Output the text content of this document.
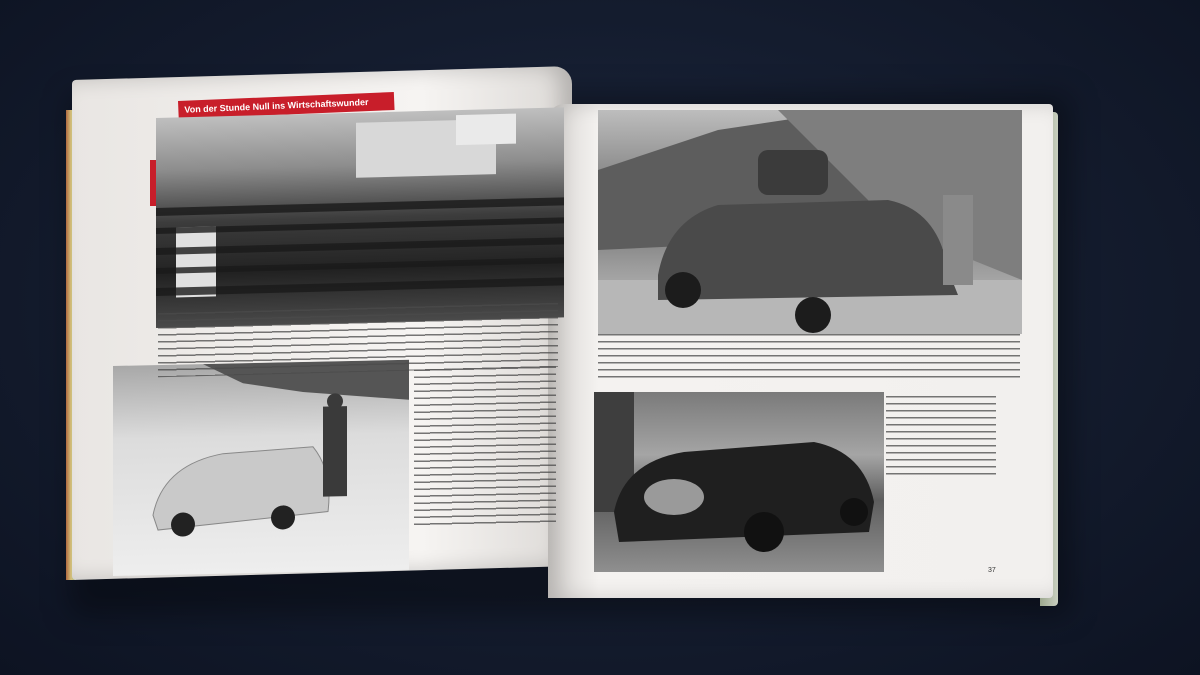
Von der Stunde Null ins Wirtschaftswunder
37
